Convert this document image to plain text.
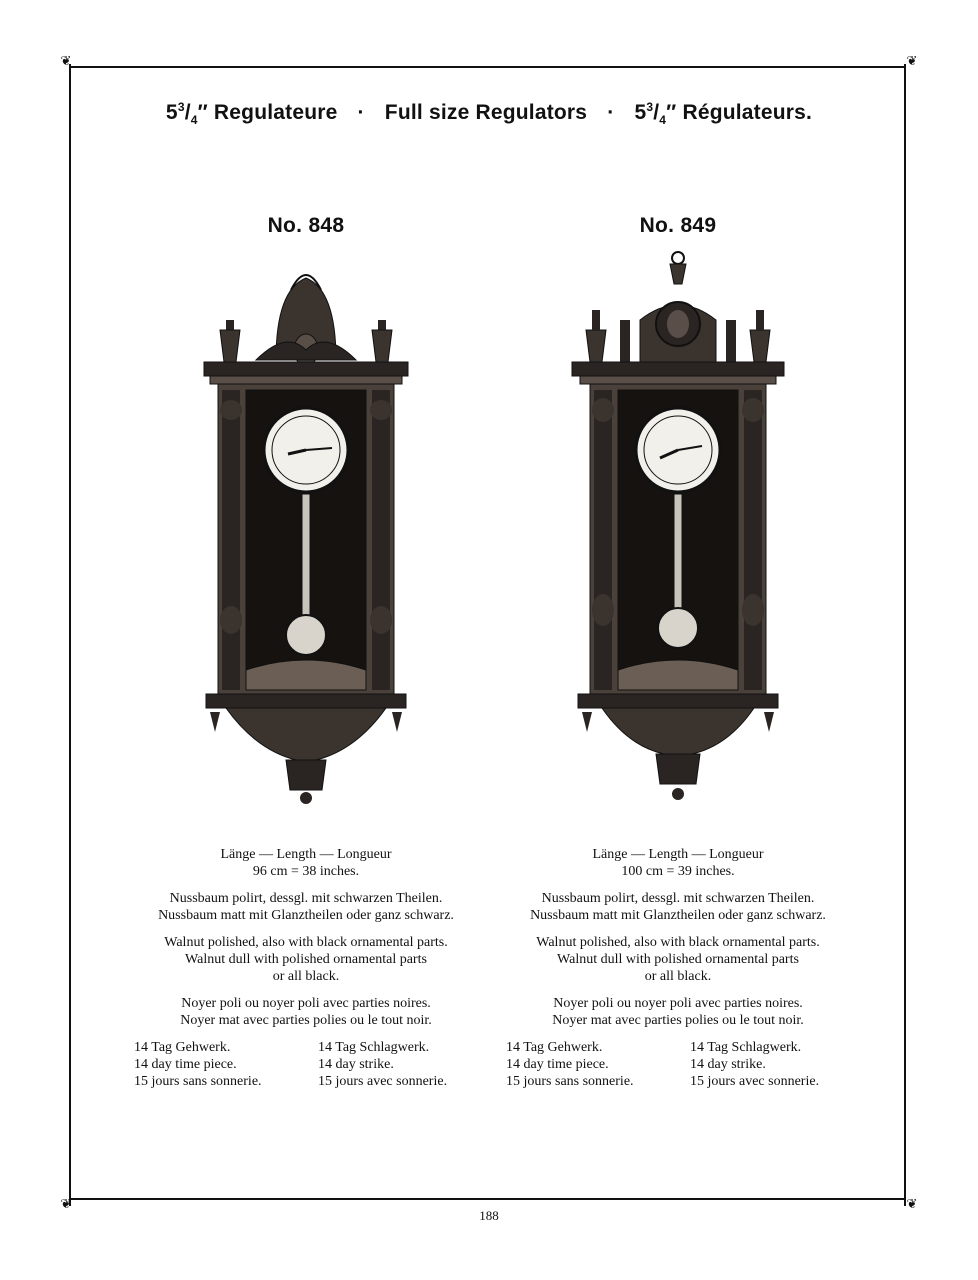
❦	❦
❦	❦
$5^3/_4''$ Regulateure · Full size Regulators · $5^3/_4''$ Régulateurs.
No. 848

Länge — Length — Longueur
96 cm = 38 inches.

Nussbaum polirt, dessgl. mit schwarzen Theilen.
Nussbaum matt mit Glanztheilen oder ganz schwarz.

Walnut polished, also with black ornamental parts.
Walnut dull with polished ornamental parts
or all black.

Noyer poli ou noyer poli avec parties noires.
Noyer mat avec parties polies ou le tout noir.

14 Tag Gehwerk.	14 Tag Schlagwerk.
14 day time piece.	14 day strike.
15 jours sans sonnerie.	15 jours avec sonnerie.
No. 849

Länge — Length — Longueur
100 cm = 39 inches.

Nussbaum polirt, dessgl. mit schwarzen Theilen.
Nussbaum matt mit Glanztheilen oder ganz schwarz.

Walnut polished, also with black ornamental parts.
Walnut dull with polished ornamental parts
or all black.

Noyer poli ou noyer poli avec parties noires.
Noyer mat avec parties polies ou le tout noir.

14 Tag Gehwerk.	14 Tag Schlagwerk.
14 day time piece.	14 day strike.
15 jours sans sonnerie.	15 jours avec sonnerie.
188
